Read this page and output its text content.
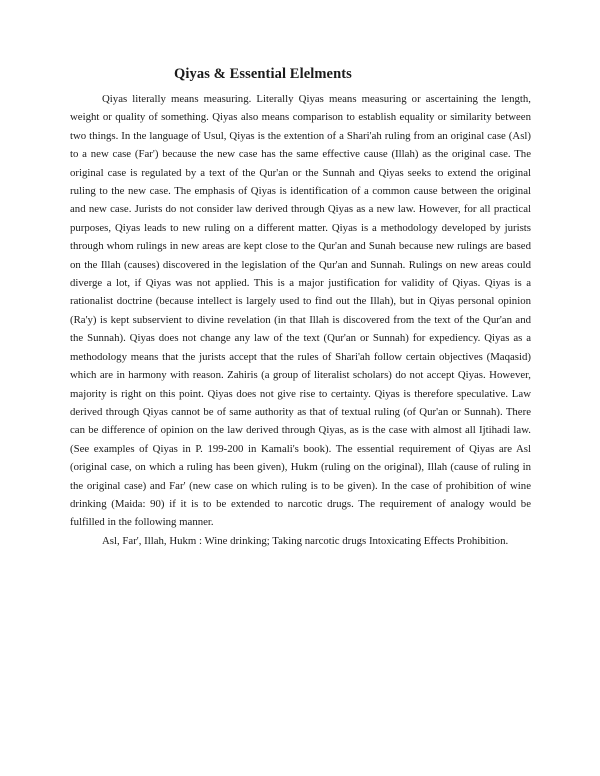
Qiyas & Essential Elelments

Qiyas literally means measuring. Literally Qiyas means measuring or ascertaining the length, weight or quality of something. Qiyas also means comparison to establish equality or similarity between two things. In the language of Usul, Qiyas is the extention of a Shari'ah ruling from an original case (Asl) to a new case (Far') because the new case has the same effective cause (Illah) as the original case. The original case is regulated by a text of the Qur'an or the Sunnah and Qiyas seeks to extend the original ruling to the new case. The emphasis of Qiyas is identification of a common cause between the original and new case. Jurists do not consider law derived through Qiyas as a new law. However, for all practical purposes, Qiyas leads to new ruling on a different matter. Qiyas is a methodology developed by jurists through whom rulings in new areas are kept close to the Qur'an and Sunah because new rulings are based on the Illah (causes) discovered in the legislation of the Qur'an and Sunnah. Rulings on new areas could diverge a lot, if Qiyas was not applied. This is a major justification for validity of Qiyas. Qiyas is a rationalist doctrine (because intellect is largely used to find out the Illah), but in Qiyas personal opinion (Ra'y) is kept subservient to divine revelation (in that Illah is discovered from the text of the Qur'an and the Sunnah). Qiyas does not change any law of the text (Qur'an or Sunnah) for expediency. Qiyas as a methodology means that the jurists accept that the rules of Shari'ah follow certain objectives (Maqasid) which are in harmony with reason. Zahiris (a group of literalist scholars) do not accept Qiyas. However, majority is right on this point. Qiyas does not give rise to certainty. Qiyas is therefore speculative. Law derived through Qiyas cannot be of same authority as that of textual ruling (of Qur'an or Sunnah). There can be difference of opinion on the law derived through Qiyas, as is the case with almost all Ijtihadi law. (See examples of Qiyas in P. 199-200 in Kamali's book). The essential requirement of Qiyas are Asl (original case, on which a ruling has been given), Hukm (ruling on the original), Illah (cause of ruling in the original case) and Far' (new case on which ruling is to be given). In the case of prohibition of wine drinking (Maida: 90) if it is to be extended to narcotic drugs. The requirement of analogy would be fulfilled in the following manner.

Asl, Far', Illah, Hukm : Wine drinking; Taking narcotic drugs Intoxicating Effects Prohibition.
